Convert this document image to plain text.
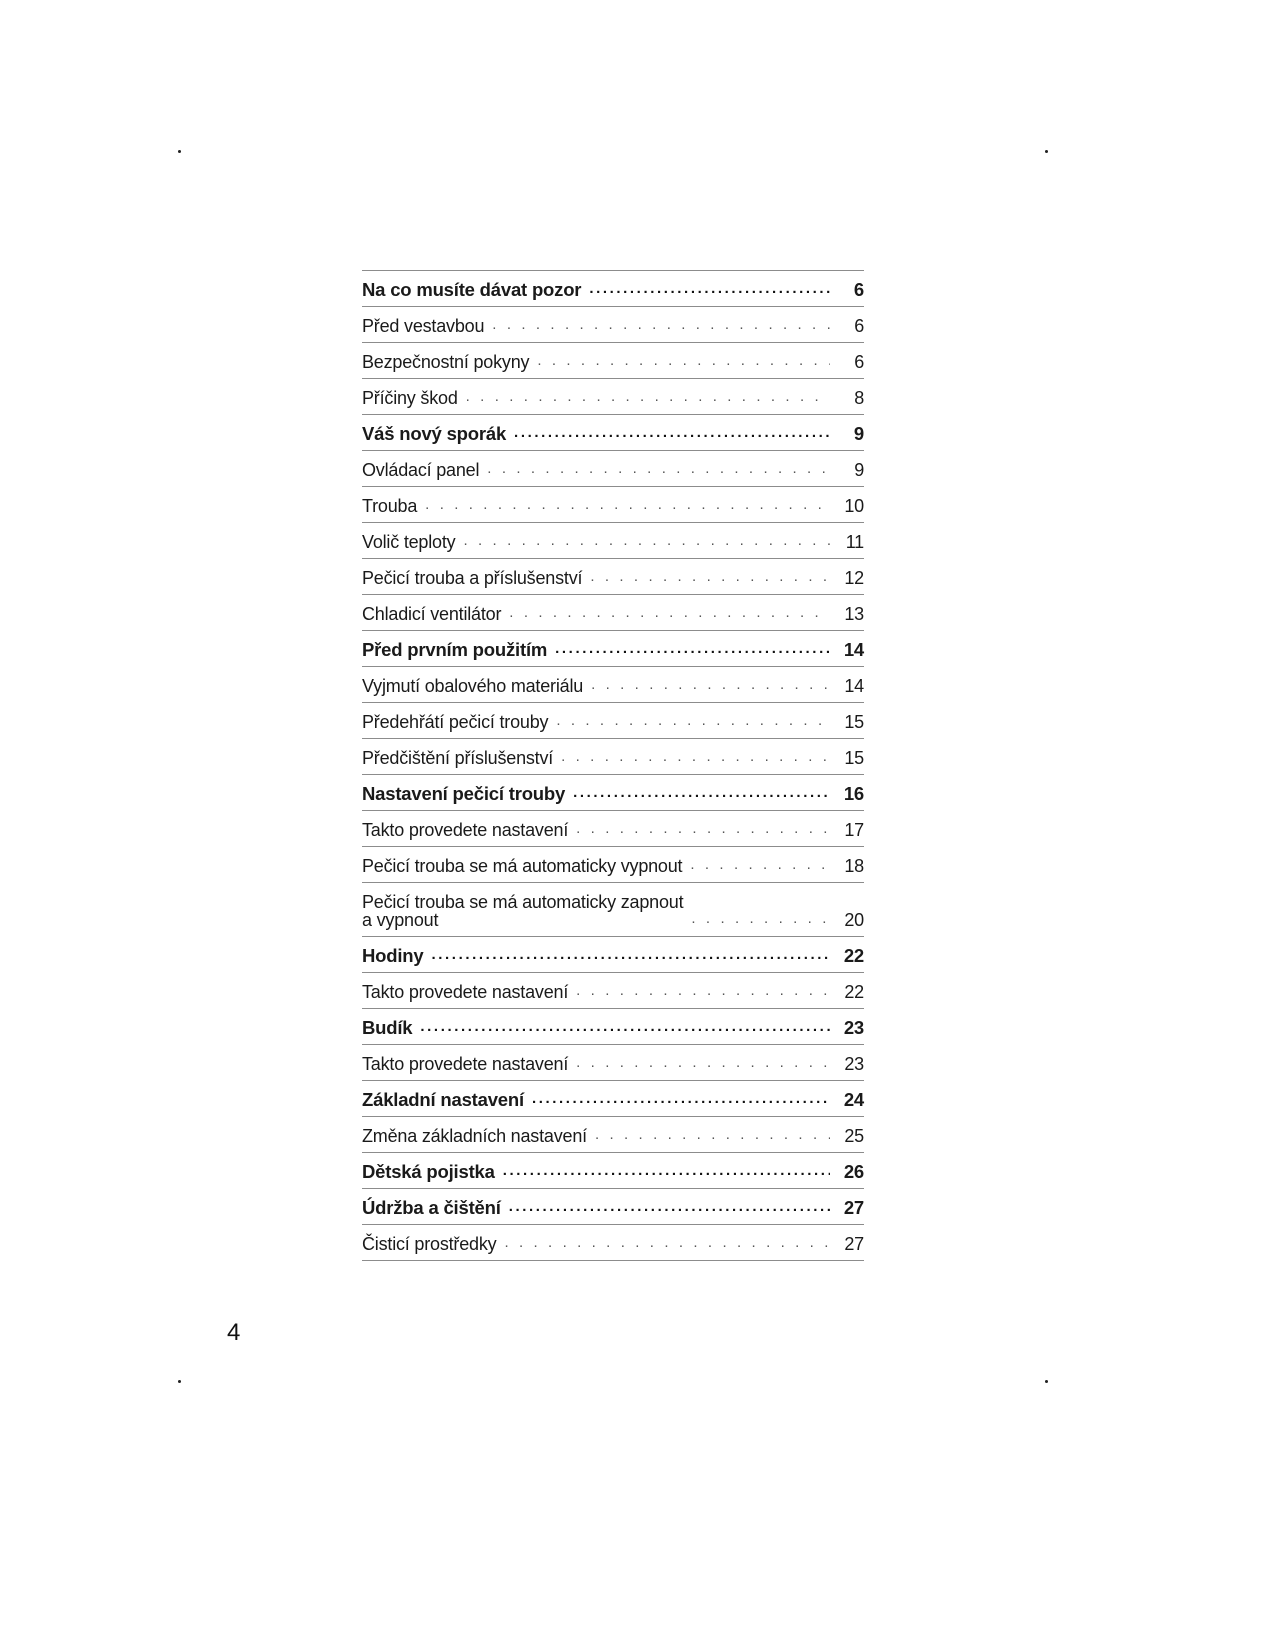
Na co musíte dávat pozor .....	6
Před vestavbou . . .	6
Bezpečnostní pokyny . . .	6
Příčiny škod . . .	8
Váš nový sporák .....	9
Ovládací panel . . .	9
Trouba . . .	10
Volič teploty . . .	11
Pečicí trouba a příslušenství . . .	12
Chladicí ventilátor . . .	13
Před prvním použitím .....	14
Vyjmutí obalového materiálu . . .	14
Předehřátí pečicí trouby . . .	15
Předčištění příslušenství . . .	15
Nastavení pečicí trouby .....	16
Takto provedete nastavení . . .	17
Pečicí trouba se má automaticky vypnout . . .	18
Pečicí trouba se má automaticky zapnout
a vypnout . . .	20
Hodiny .....	22
Takto provedete nastavení . . .	22
Budík .....	23
Takto provedete nastavení . . .	23
Základní nastavení .....	24
Změna základních nastavení . . .	25
Dětská pojistka .....	26
Údržba a čištění .....	27
Čisticí prostředky . . .	27
4
